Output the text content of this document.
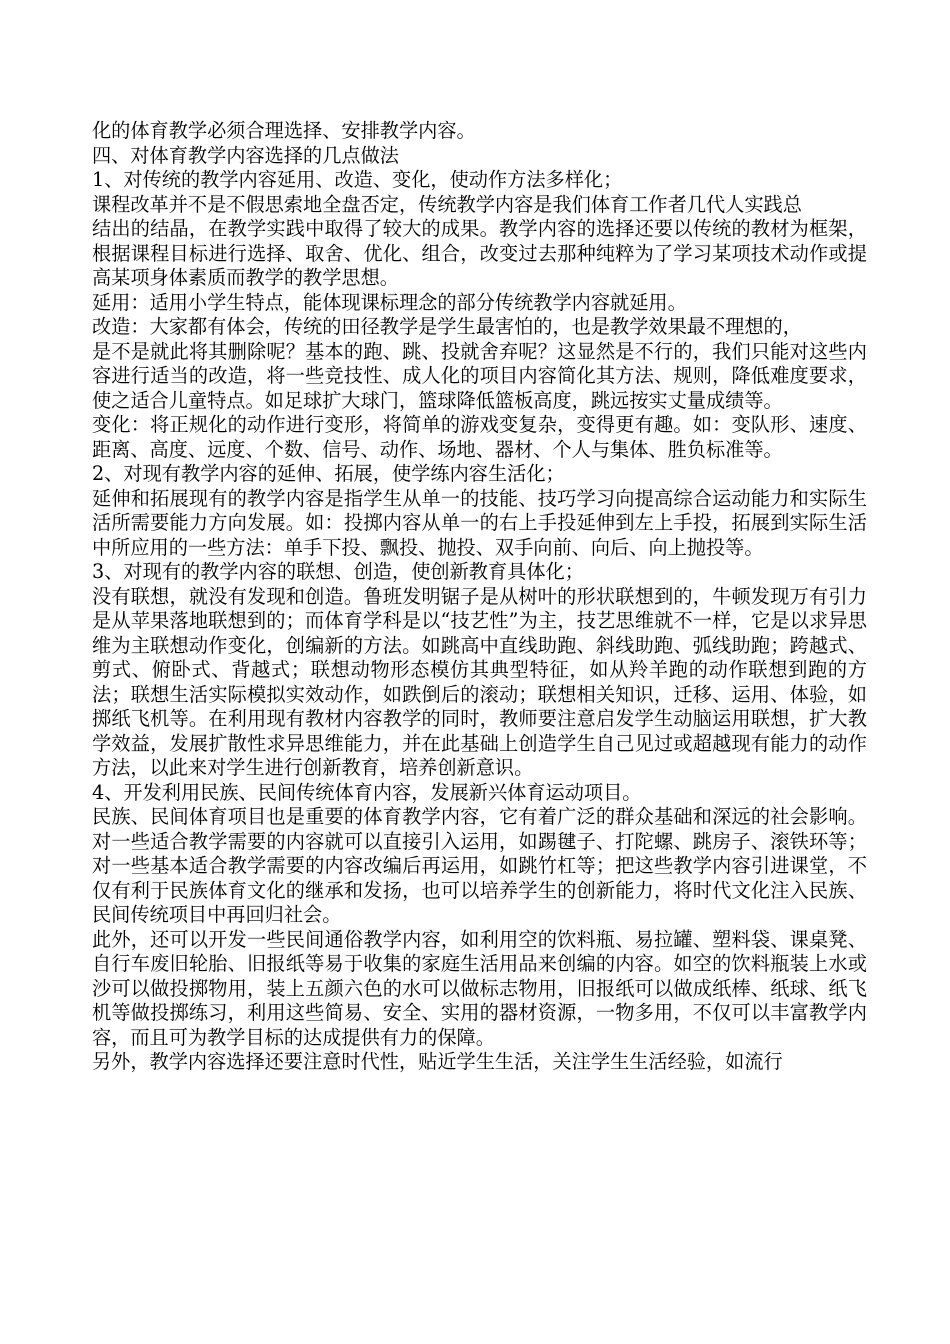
化的体育教学必须合理选择、安排教学内容。

四、对体育教学内容选择的几点做法

1、对传统的教学内容延用、改造、变化，使动作方法多样化；

课程改革并不是不假思索地全盘否定，传统教学内容是我们体育工作者几代人实践总

结出的结晶，在教学实践中取得了较大的成果。教学内容的选择还要以传统的教材为框架，根据课程目标进行选择、取舍、优化、组合，改变过去那种纯粹为了学习某项技术动作或提高某项身体素质而教学的教学思想。

延用：适用小学生特点，能体现课标理念的部分传统教学内容就延用。

改造：大家都有体会，传统的田径教学是学生最害怕的，也是教学效果最不理想的，

是不是就此将其删除呢？基本的跑、跳、投就舍弃呢？这显然是不行的，我们只能对这些内容进行适当的改造，将一些竞技性、成人化的项目内容简化其方法、规则，降低难度要求，使之适合儿童特点。如足球扩大球门，篮球降低篮板高度，跳远按实丈量成绩等。

变化：将正规化的动作进行变形，将简单的游戏变复杂，变得更有趣。如：变队形、速度、距离、高度、远度、个数、信号、动作、场地、器材、个人与集体、胜负标准等。

2、对现有教学内容的延伸、拓展，使学练内容生活化；

延伸和拓展现有的教学内容是指学生从单一的技能、技巧学习向提高综合运动能力和实际生活所需要能力方向发展。如：投掷内容从单一的右上手投延伸到左上手投，拓展到实际生活中所应用的一些方法：单手下投、飘投、抛投、双手向前、向后、向上抛投等。

3、对现有的教学内容的联想、创造，使创新教育具体化；

没有联想，就没有发现和创造。鲁班发明锯子是从树叶的形状联想到的，牛顿发现万有引力是从苹果落地联想到的；而体育学科是以“技艺性”为主，技艺思维就不一样，它是以求异思维为主联想动作变化，创编新的方法。如跳高中直线助跑、斜线助跑、弧线助跑；跨越式、剪式、俯卧式、背越式；联想动物形态模仿其典型特征，如从羚羊跑的动作联想到跑的方法；联想生活实际模拟实效动作，如跌倒后的滚动；联想相关知识，迁移、运用、体验，如掷纸飞机等。在利用现有教材内容教学的同时，教师要注意启发学生动脑运用联想，扩大教学效益，发展扩散性求异思维能力，并在此基础上创造学生自己见过或超越现有能力的动作方法，以此来对学生进行创新教育，培养创新意识。

4、开发利用民族、民间传统体育内容，发展新兴体育运动项目。

民族、民间体育项目也是重要的体育教学内容，它有着广泛的群众基础和深远的社会影响。对一些适合教学需要的内容就可以直接引入运用，如踢毽子、打陀螺、跳房子、滚铁环等；对一些基本适合教学需要的内容改编后再运用，如跳竹杠等；把这些教学内容引进课堂，不仅有利于民族体育文化的继承和发扬，也可以培养学生的创新能力，将时代文化注入民族、民间传统项目中再回归社会。

此外，还可以开发一些民间通俗教学内容，如利用空的饮料瓶、易拉罐、塑料袋、课桌凳、自行车废旧轮胎、旧报纸等易于收集的家庭生活用品来创编的内容。如空的饮料瓶装上水或沙可以做投掷物用，装上五颜六色的水可以做标志物用，旧报纸可以做成纸棒、纸球、纸飞机等做投掷练习，利用这些简易、安全、实用的器材资源，一物多用，不仅可以丰富教学内容，而且可为教学目标的达成提供有力的保障。

另外，教学内容选择还要注意时代性，贴近学生生活，关注学生生活经验，如流行
